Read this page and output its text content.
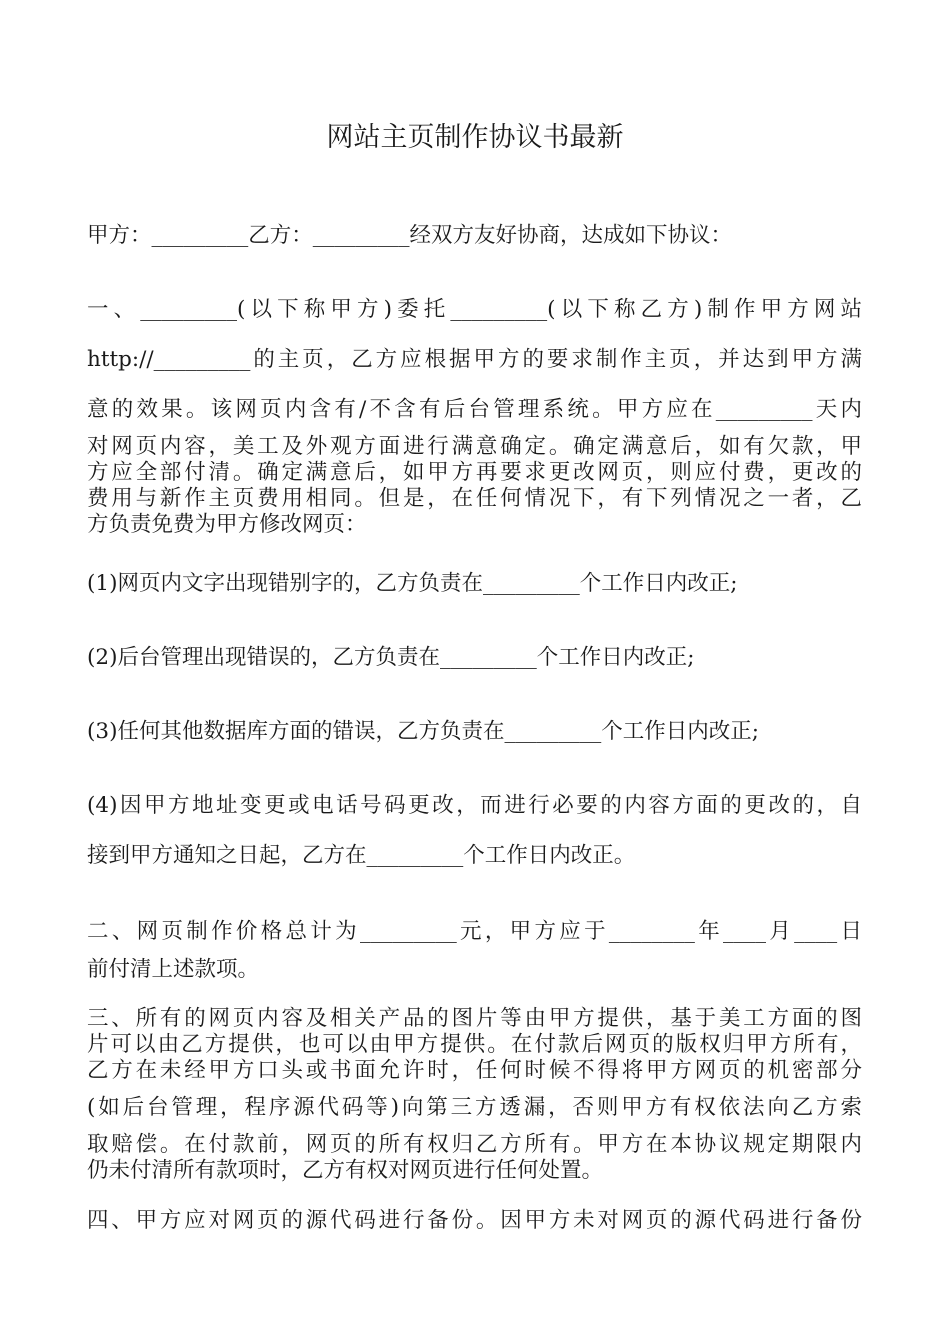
网站主页制作协议书最新
甲方：_________乙方：_________经双方友好协商，达成如下协议：
一、_________(以下称甲方)委托_________(以下称乙方)制作甲方网站
http://_________的主页，乙方应根据甲方的要求制作主页，并达到甲方满
意的效果。该网页内含有/不含有后台管理系统。甲方应在_________天内
对网页内容，美工及外观方面进行满意确定。确定满意后，如有欠款，甲
方应全部付清。确定满意后，如甲方再要求更改网页，则应付费，更改的
费用与新作主页费用相同。但是，在任何情况下，有下列情况之一者，乙
方负责免费为甲方修改网页：
(1)网页内文字出现错别字的，乙方负责在_________个工作日内改正;
(2)后台管理出现错误的，乙方负责在_________个工作日内改正;
(3)任何其他数据库方面的错误，乙方负责在_________个工作日内改正;
(4)因甲方地址变更或电话号码更改，而进行必要的内容方面的更改的，自
接到甲方通知之日起，乙方在_________个工作日内改正。
二、网页制作价格总计为_________元，甲方应于________年____月____日
前付清上述款项。
三、所有的网页内容及相关产品的图片等由甲方提供，基于美工方面的图
片可以由乙方提供，也可以由甲方提供。在付款后网页的版权归甲方所有，
乙方在未经甲方口头或书面允许时，任何时候不得将甲方网页的机密部分
(如后台管理，程序源代码等)向第三方透漏，否则甲方有权依法向乙方索
取赔偿。在付款前，网页的所有权归乙方所有。甲方在本协议规定期限内
仍未付清所有款项时，乙方有权对网页进行任何处置。
四、甲方应对网页的源代码进行备份。因甲方未对网页的源代码进行备份
